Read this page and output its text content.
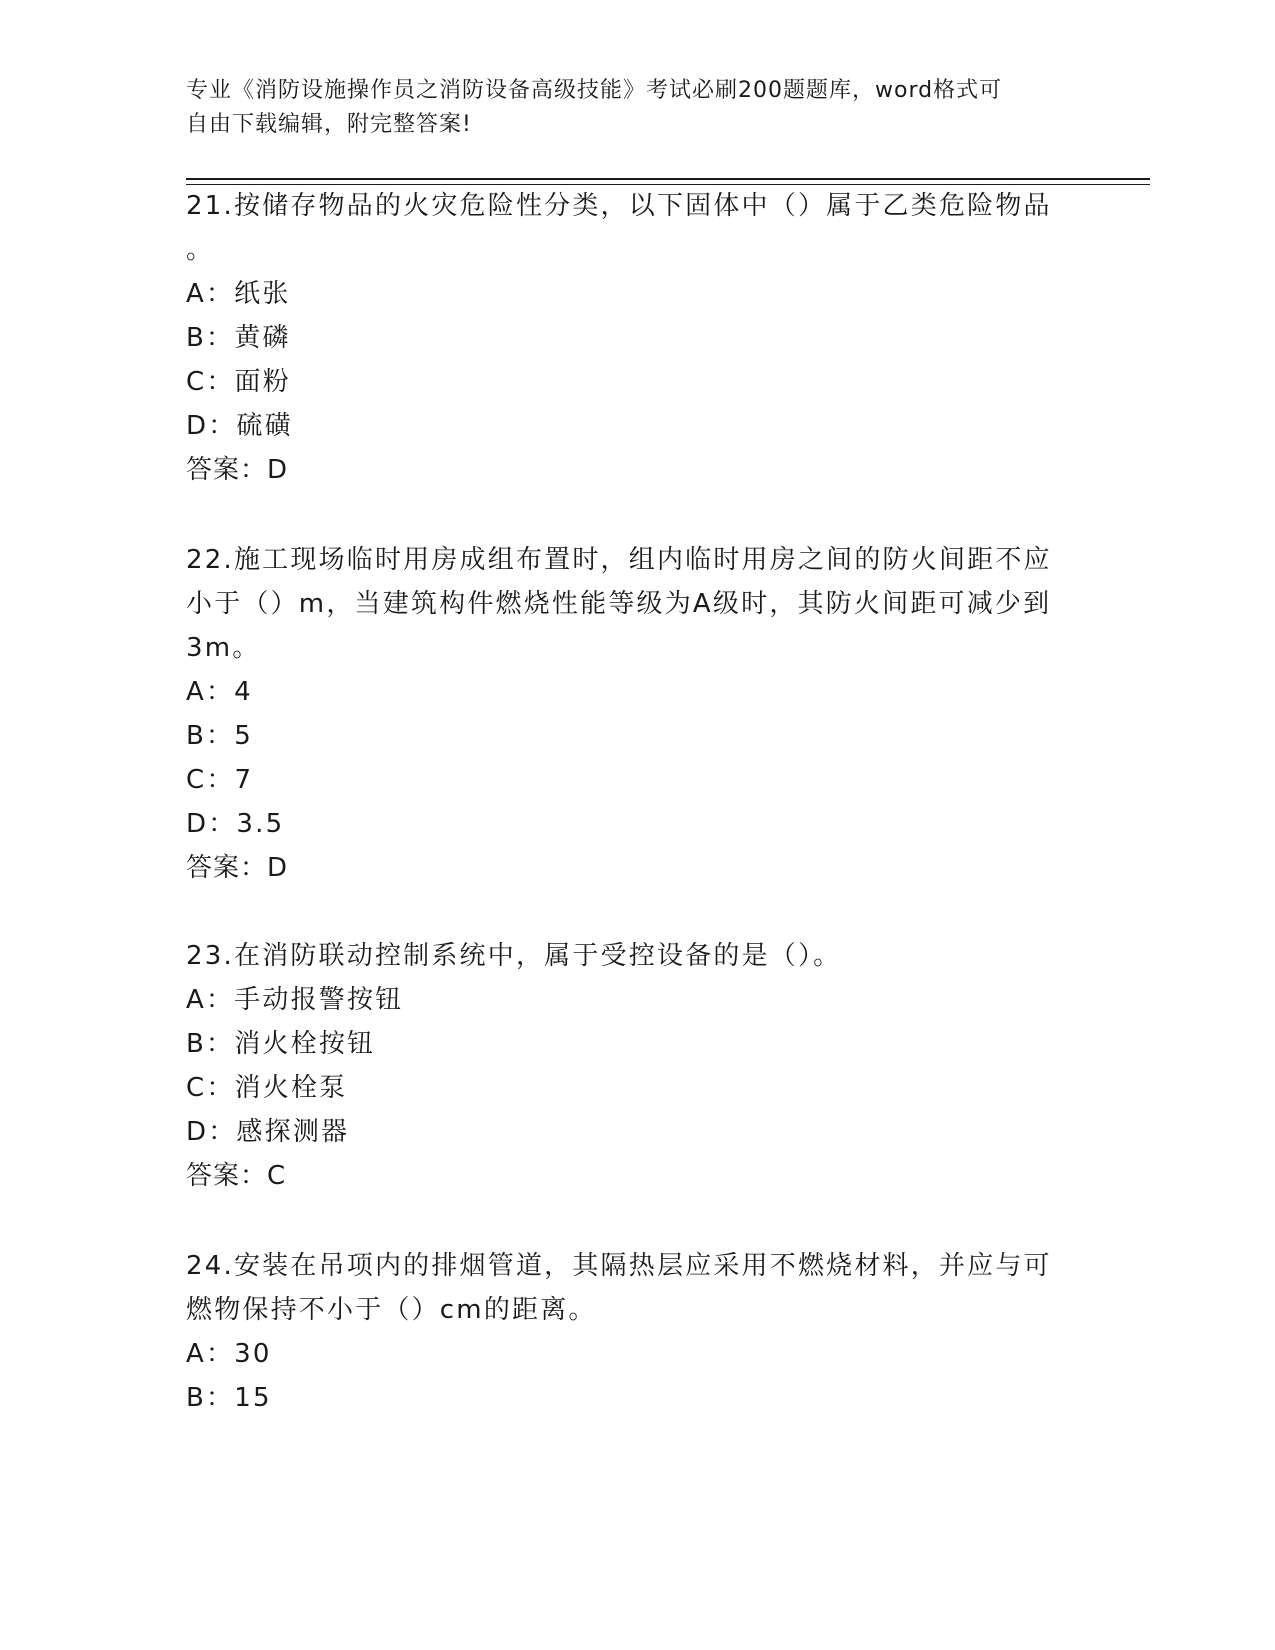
专业《消防设施操作员之消防设备高级技能》考试必刷200题题库，word格式可
自由下载编辑，附完整答案!
21.按储存物品的火灾危险性分类，以下固体中（）属于乙类危险物品
。
A：纸张
B：黄磷
C：面粉
D：硫磺
答案：D
22.施工现场临时用房成组布置时，组内临时用房之间的防火间距不应
小于（）m，当建筑构件燃烧性能等级为A级时，其防火间距可减少到
3m。
A：4
B：5
C：7
D：3.5
答案：D
23.在消防联动控制系统中，属于受控设备的是（）。
A：手动报警按钮
B：消火栓按钮
C：消火栓泵
D：感探测器
答案：C
24.安装在吊项内的排烟管道，其隔热层应采用不燃烧材料，并应与可
燃物保持不小于（）cm的距离。
A：30
B：15
